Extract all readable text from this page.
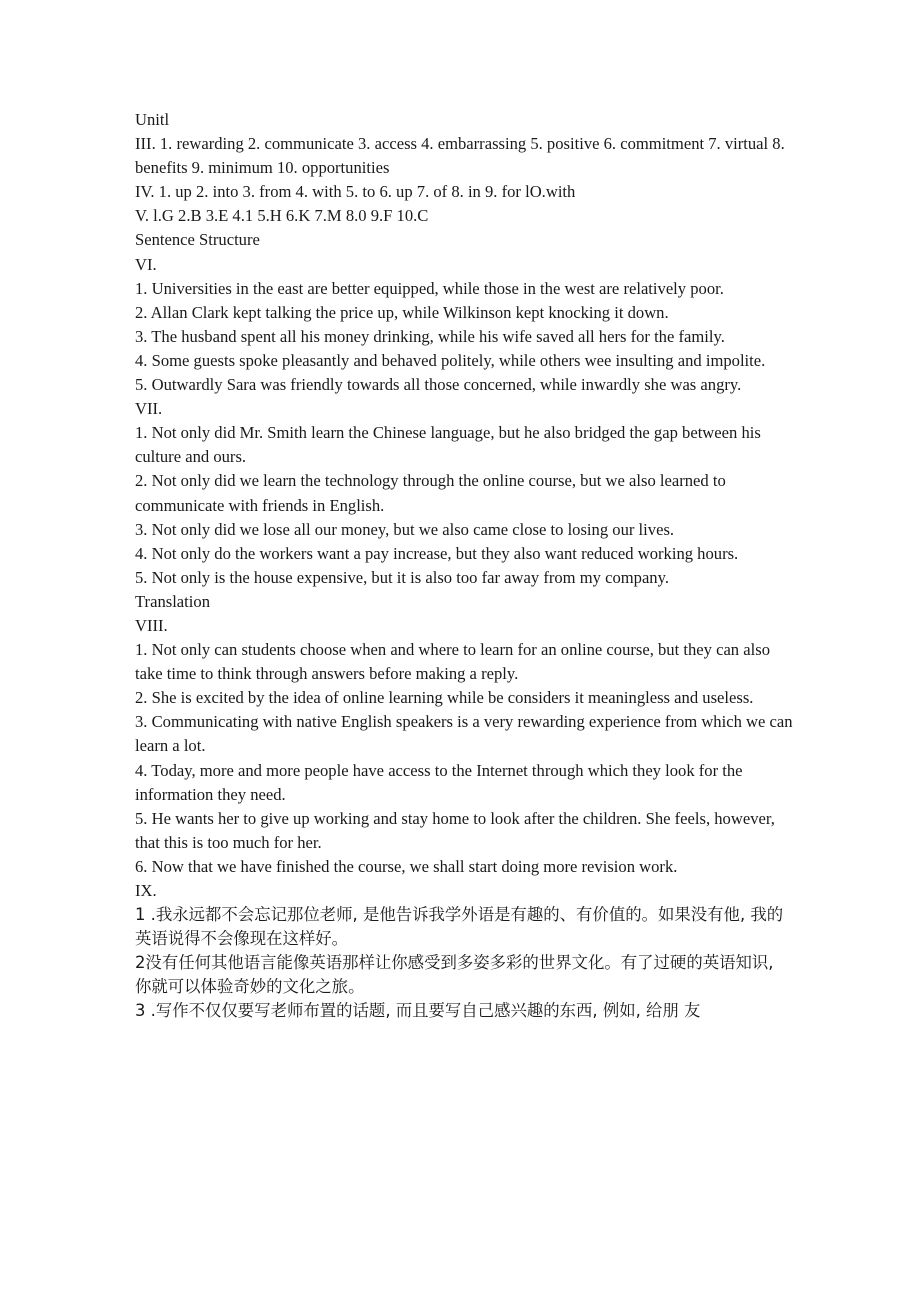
Unitl
III. 1. rewarding 2. communicate 3. access 4. embarrassing 5. positive 6. commitment 7. virtual 8. benefits 9. minimum 10. opportunities
IV. 1. up 2. into 3. from 4. with 5. to 6. up 7. of 8. in 9. for lO.with
V. l.G 2.B 3.E 4.1 5.H 6.K 7.M 8.0 9.F 10.C
Sentence Structure
VI.
1. Universities in the east are better equipped, while those in the west are relatively poor.
2. Allan Clark kept talking the price up, while Wilkinson kept knocking it down.
3. The husband spent all his money drinking, while his wife saved all hers for the family.
4. Some guests spoke pleasantly and behaved politely, while others wee insulting and impolite.
5. Outwardly Sara was friendly towards all those concerned, while inwardly she was angry.
VII.
1. Not only did Mr. Smith learn the Chinese language, but he also bridged the gap between his culture and ours.
2. Not only did we learn the technology through the online course, but we also learned to communicate with friends in English.
3. Not only did we lose all our money, but we also came close to losing our lives.
4. Not only do the workers want a pay increase, but they also want reduced working hours.
5. Not only is the house expensive, but it is also too far away from my company.
Translation
VIII.
1. Not only can students choose when and where to learn for an online course, but they can also take time to think through answers before making a reply.
2. She is excited by the idea of online learning while be considers it meaningless and useless.
3. Communicating with native English speakers is a very rewarding experience from which we can learn a lot.
4. Today, more and more people have access to the Internet through which they look for the information they need.
5. He wants her to give up working and stay home to look after the children. She feels, however, that this is too much for her.
6. Now that we have finished the course, we shall start doing more revision work.
IX.
1 .我永远都不会忘记那位老师, 是他告诉我学外语是有趣的、有价值的。如果没有他, 我的英语说得不会像现在这样好。
2没有任何其他语言能像英语那样让你感受到多姿多彩的世界文化。有了过硬的英语知识, 你就可以体验奇妙的文化之旅。
3 .写作不仅仅要写老师布置的话题, 而且要写自己感兴趣的东西, 例如, 给朋 友
